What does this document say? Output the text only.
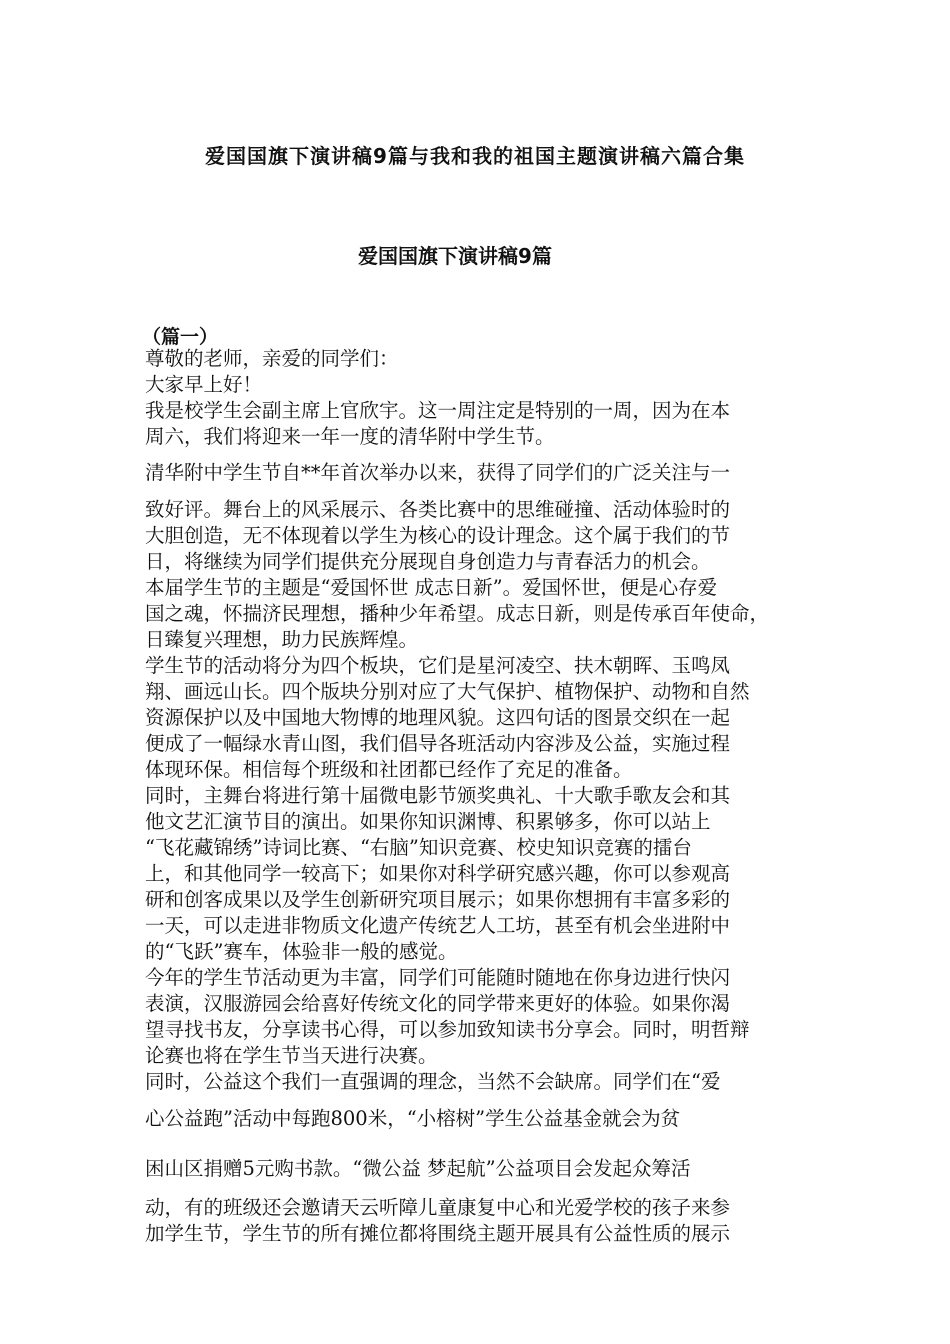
爱国国旗下演讲稿9篇与我和我的祖国主题演讲稿六篇合集
爱国国旗下演讲稿9篇
（篇一）

尊敬的老师，亲爱的同学们：

大家早上好！

我是校学生会副主席上官欣宇。这一周注定是特别的一周，因为在本

周六，我们将迎来一年一度的清华附中学生节。

清华附中学生节自**年首次举办以来，获得了同学们的广泛关注与一

致好评。舞台上的风采展示、各类比赛中的思维碰撞、活动体验时的

大胆创造，无不体现着以学生为核心的设计理念。这个属于我们的节

日，将继续为同学们提供充分展现自身创造力与青春活力的机会。

本届学生节的主题是“爱国怀世 成志日新”。爱国怀世，便是心存爱

国之魂，怀揣济民理想，播种少年希望。成志日新，则是传承百年使命，

日臻复兴理想，助力民族辉煌。

学生节的活动将分为四个板块，它们是星河凌空、扶木朝晖、玉鸣凤

翔、画远山长。四个版块分别对应了大气保护、植物保护、动物和自然

资源保护以及中国地大物博的地理风貌。这四句话的图景交织在一起

便成了一幅绿水青山图，我们倡导各班活动内容涉及公益，实施过程

体现环保。相信每个班级和社团都已经作了充足的准备。

同时，主舞台将进行第十届微电影节颁奖典礼、十大歌手歌友会和其

他文艺汇演节目的演出。如果你知识渊博、积累够多，你可以站上

“飞花藏锦绣”诗词比赛、“右脑”知识竞赛、校史知识竞赛的擂台

上，和其他同学一较高下；如果你对科学研究感兴趣，你可以参观高

研和创客成果以及学生创新研究项目展示；如果你想拥有丰富多彩的

一天，可以走进非物质文化遗产传统艺人工坊，甚至有机会坐进附中

的“飞跃”赛车，体验非一般的感觉。

今年的学生节活动更为丰富，同学们可能随时随地在你身边进行快闪

表演，汉服游园会给喜好传统文化的同学带来更好的体验。如果你渴

望寻找书友，分享读书心得，可以参加致知读书分享会。同时，明哲辩

论赛也将在学生节当天进行决赛。

同时，公益这个我们一直强调的理念，当然不会缺席。同学们在“爱

心公益跑”活动中每跑800米，“小榕树”学生公益基金就会为贫

困山区捐赠5元购书款。“微公益 梦起航”公益项目会发起众筹活

动，有的班级还会邀请天云听障儿童康复中心和光爱学校的孩子来参

加学生节，学生节的所有摊位都将围绕主题开展具有公益性质的展示
